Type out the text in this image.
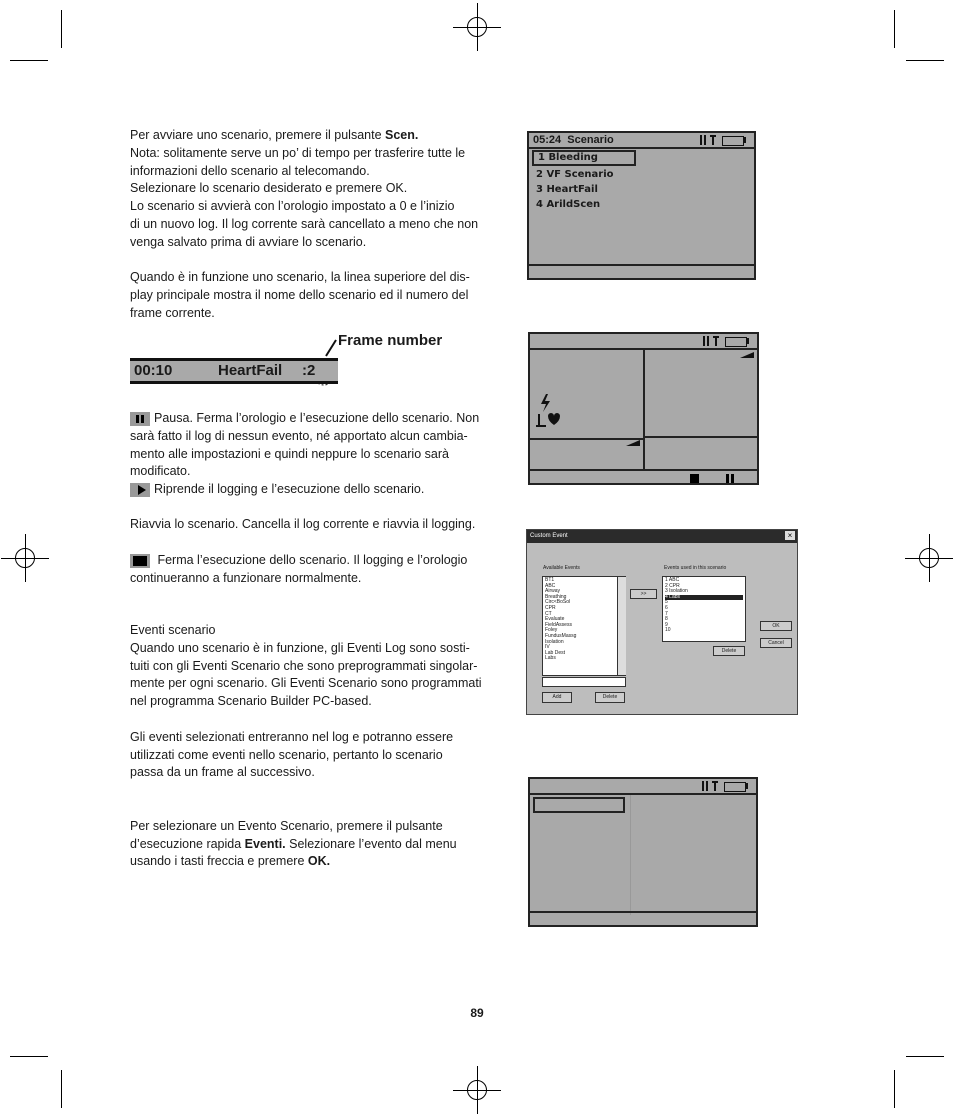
Per avviare uno scenario, premere il pulsante Scen.

Nota: solitamente serve un po’ di tempo per trasferire tutte le

informazioni dello scenario al telecomando.

Selezionare lo scenario desiderato e premere OK.

Lo scenario si avvierà con l’orologio impostato a 0 e l’inizio

di un nuovo log. Il log corrente sarà cancellato a meno che non

venga salvato prima di avviare lo scenario.

Quando è in funzione uno scenario, la linea superiore del dis-

play principale mostra il nome dello scenario ed il numero del

frame corrente.

Frame number
00:10	HeartFail :2

Pausa. Ferma l’orologio e l’esecuzione dello scenario. Non

sarà fatto il log di nessun evento, né apportato alcun cambia-

mento alle impostazioni e quindi neppure lo scenario sarà

modificato.

Riprende il logging e l’esecuzione dello scenario.

Riavvia lo scenario. Cancella il log corrente e riavvia il logging.

Ferma l’esecuzione dello scenario. Il logging e l’orologio

continueranno a funzionare normalmente.

Eventi scenario

Quando uno scenario è in funzione, gli Eventi Log sono sosti-

tuiti con gli Eventi Scenario che sono preprogrammati singolar-

mente per ogni scenario. Gli Eventi Scenario sono programmati

nel programma Scenario Builder PC-based.

Gli eventi selezionati entreranno nel log e potranno essere

utilizzati come eventi nello scenario, pertanto lo scenario

passa da un frame al successivo.

Per selezionare un Evento Scenario, premere il pulsante

d’esecuzione rapida Eventi. Selezionare l’evento dal menu

usando i tasti freccia e premere OK.

05:24 Scenario
1 Bleeding
2 VF Scenario
3 HeartFail
4 ArildScen
Custom Event	×
Available Events
BT1
ABC
Airway
Breathing
Circ<BoSol
CPR
CT
Evaluate
FieldAssess
Foley
FundusMassg
Isolation
IV
Lab Dest
Labs
>>
Events used in this scenario
1 ABC
2 CPR
3 Isolation
4 Labs
5
6
7
8
9
10
Delete
OK
Cancel
Add	Delete
89
